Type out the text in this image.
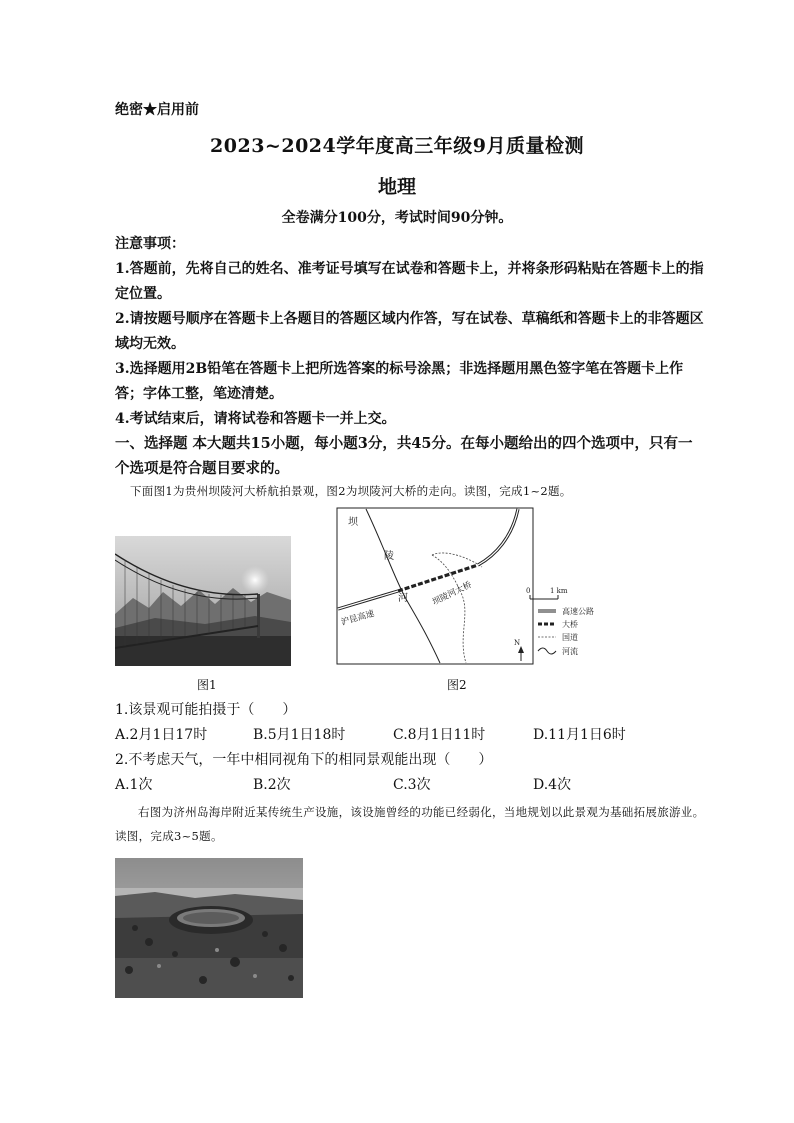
绝密★启用前
2023~2024学年度高三年级9月质量检测
地理
全卷满分100分，考试时间90分钟。

注意事项：

1.答题前，先将自己的姓名、准考证号填写在试卷和答题卡上，并将条形码粘贴在答题卡上的指定位置。

2.请按题号顺序在答题卡上各题目的答题区域内作答，写在试卷、草稿纸和答题卡上的非答题区域均无效。

3.选择题用2B铅笔在答题卡上把所选答案的标号涂黑；非选择题用黑色签字笔在答题卡上作答；字体工整，笔迹清楚。

4.考试结束后，请将试卷和答题卡一并上交。

一、选择题 本大题共15小题，每小题3分，共45分。在每小题给出的四个选项中，只有一个选项是符合题目要求的。
下面图1为贵州坝陵河大桥航拍景观，图2为坝陵河大桥的走向。读图，完成1~2题。
坝
陵
河
沪昆高速
坝陵河大桥	0	1 km
N
高速公路
大桥
国道
河流
图1	图2
1.该景观可能拍摄于（　　）
A.2月1日17时	B.5月1日18时	C.8月1日11时	D.11月1日6时
2.不考虑天气，一年中相同视角下的相同景观能出现（　　）
A.1次	B.2次	C.3次	D.4次
右图为济州岛海岸附近某传统生产设施，该设施曾经的功能已经弱化，当地规划以此景观为基础拓展旅游业。读图，完成3~5题。
